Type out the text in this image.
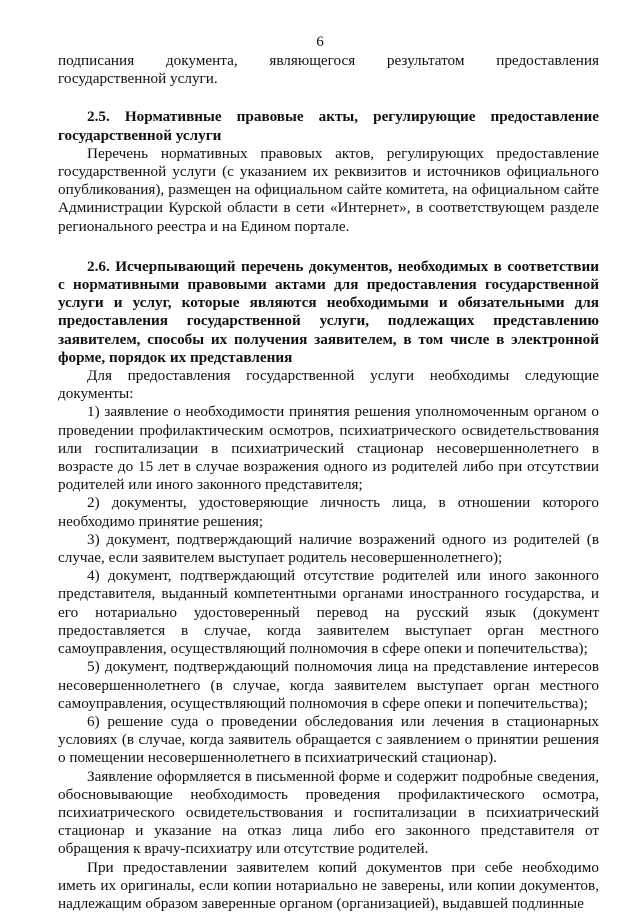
6

подписания документа, являющегося результатом предоставления государственной услуги.

2.5. Нормативные правовые акты, регулирующие предоставление государственной услуги

Перечень нормативных правовых актов, регулирующих предоставление государственной услуги (с указанием их реквизитов и источников официального опубликования), размещен на официальном сайте комитета, на официальном сайте Администрации Курской области в сети «Интернет», в соответствующем разделе регионального реестра и на Едином портале.

2.6. Исчерпывающий перечень документов, необходимых в соответствии с нормативными правовыми актами для предоставления государственной услуги и услуг, которые являются необходимыми и обязательными для предоставления государственной услуги, подлежащих представлению заявителем, способы их получения заявителем, в том числе в электронной форме, порядок их представления

Для предоставления государственной услуги необходимы следующие документы:

1) заявление о необходимости принятия решения уполномоченным органом о проведении профилактическим осмотров, психиатрического освидетельствования или госпитализации в психиатрический стационар несовершеннолетнего в возрасте до 15 лет в случае возражения одного из родителей либо при отсутствии родителей или иного законного представителя;

2) документы, удостоверяющие личность лица, в отношении которого необходимо принятие решения;

3) документ, подтверждающий наличие возражений одного из родителей (в случае, если заявителем выступает родитель несовершеннолетнего);

4) документ, подтверждающий отсутствие родителей или иного законного представителя, выданный компетентными органами иностранного государства, и его нотариально удостоверенный перевод на русский язык (документ предоставляется в случае, когда заявителем выступает орган местного самоуправления, осуществляющий полномочия в сфере опеки и попечительства);

5) документ, подтверждающий полномочия лица на представление интересов несовершеннолетнего (в случае, когда заявителем выступает орган местного самоуправления, осуществляющий полномочия в сфере опеки и попечительства);

6) решение суда о проведении обследования или лечения в стационарных условиях (в случае, когда заявитель обращается с заявлением о принятии решения о помещении несовершеннолетнего в психиатрический стационар).

Заявление оформляется в письменной форме и содержит подробные сведения, обосновывающие необходимость проведения профилактического осмотра, психиатрического освидетельствования и госпитализации в психиатрический стационар и указание на отказ лица либо его законного представителя от обращения к врачу-психиатру или отсутствие родителей.

При предоставлении заявителем копий документов при себе необходимо иметь их оригиналы, если копии нотариально не заверены, или копии документов, надлежащим образом заверенные органом (организацией), выдавшей подлинные
